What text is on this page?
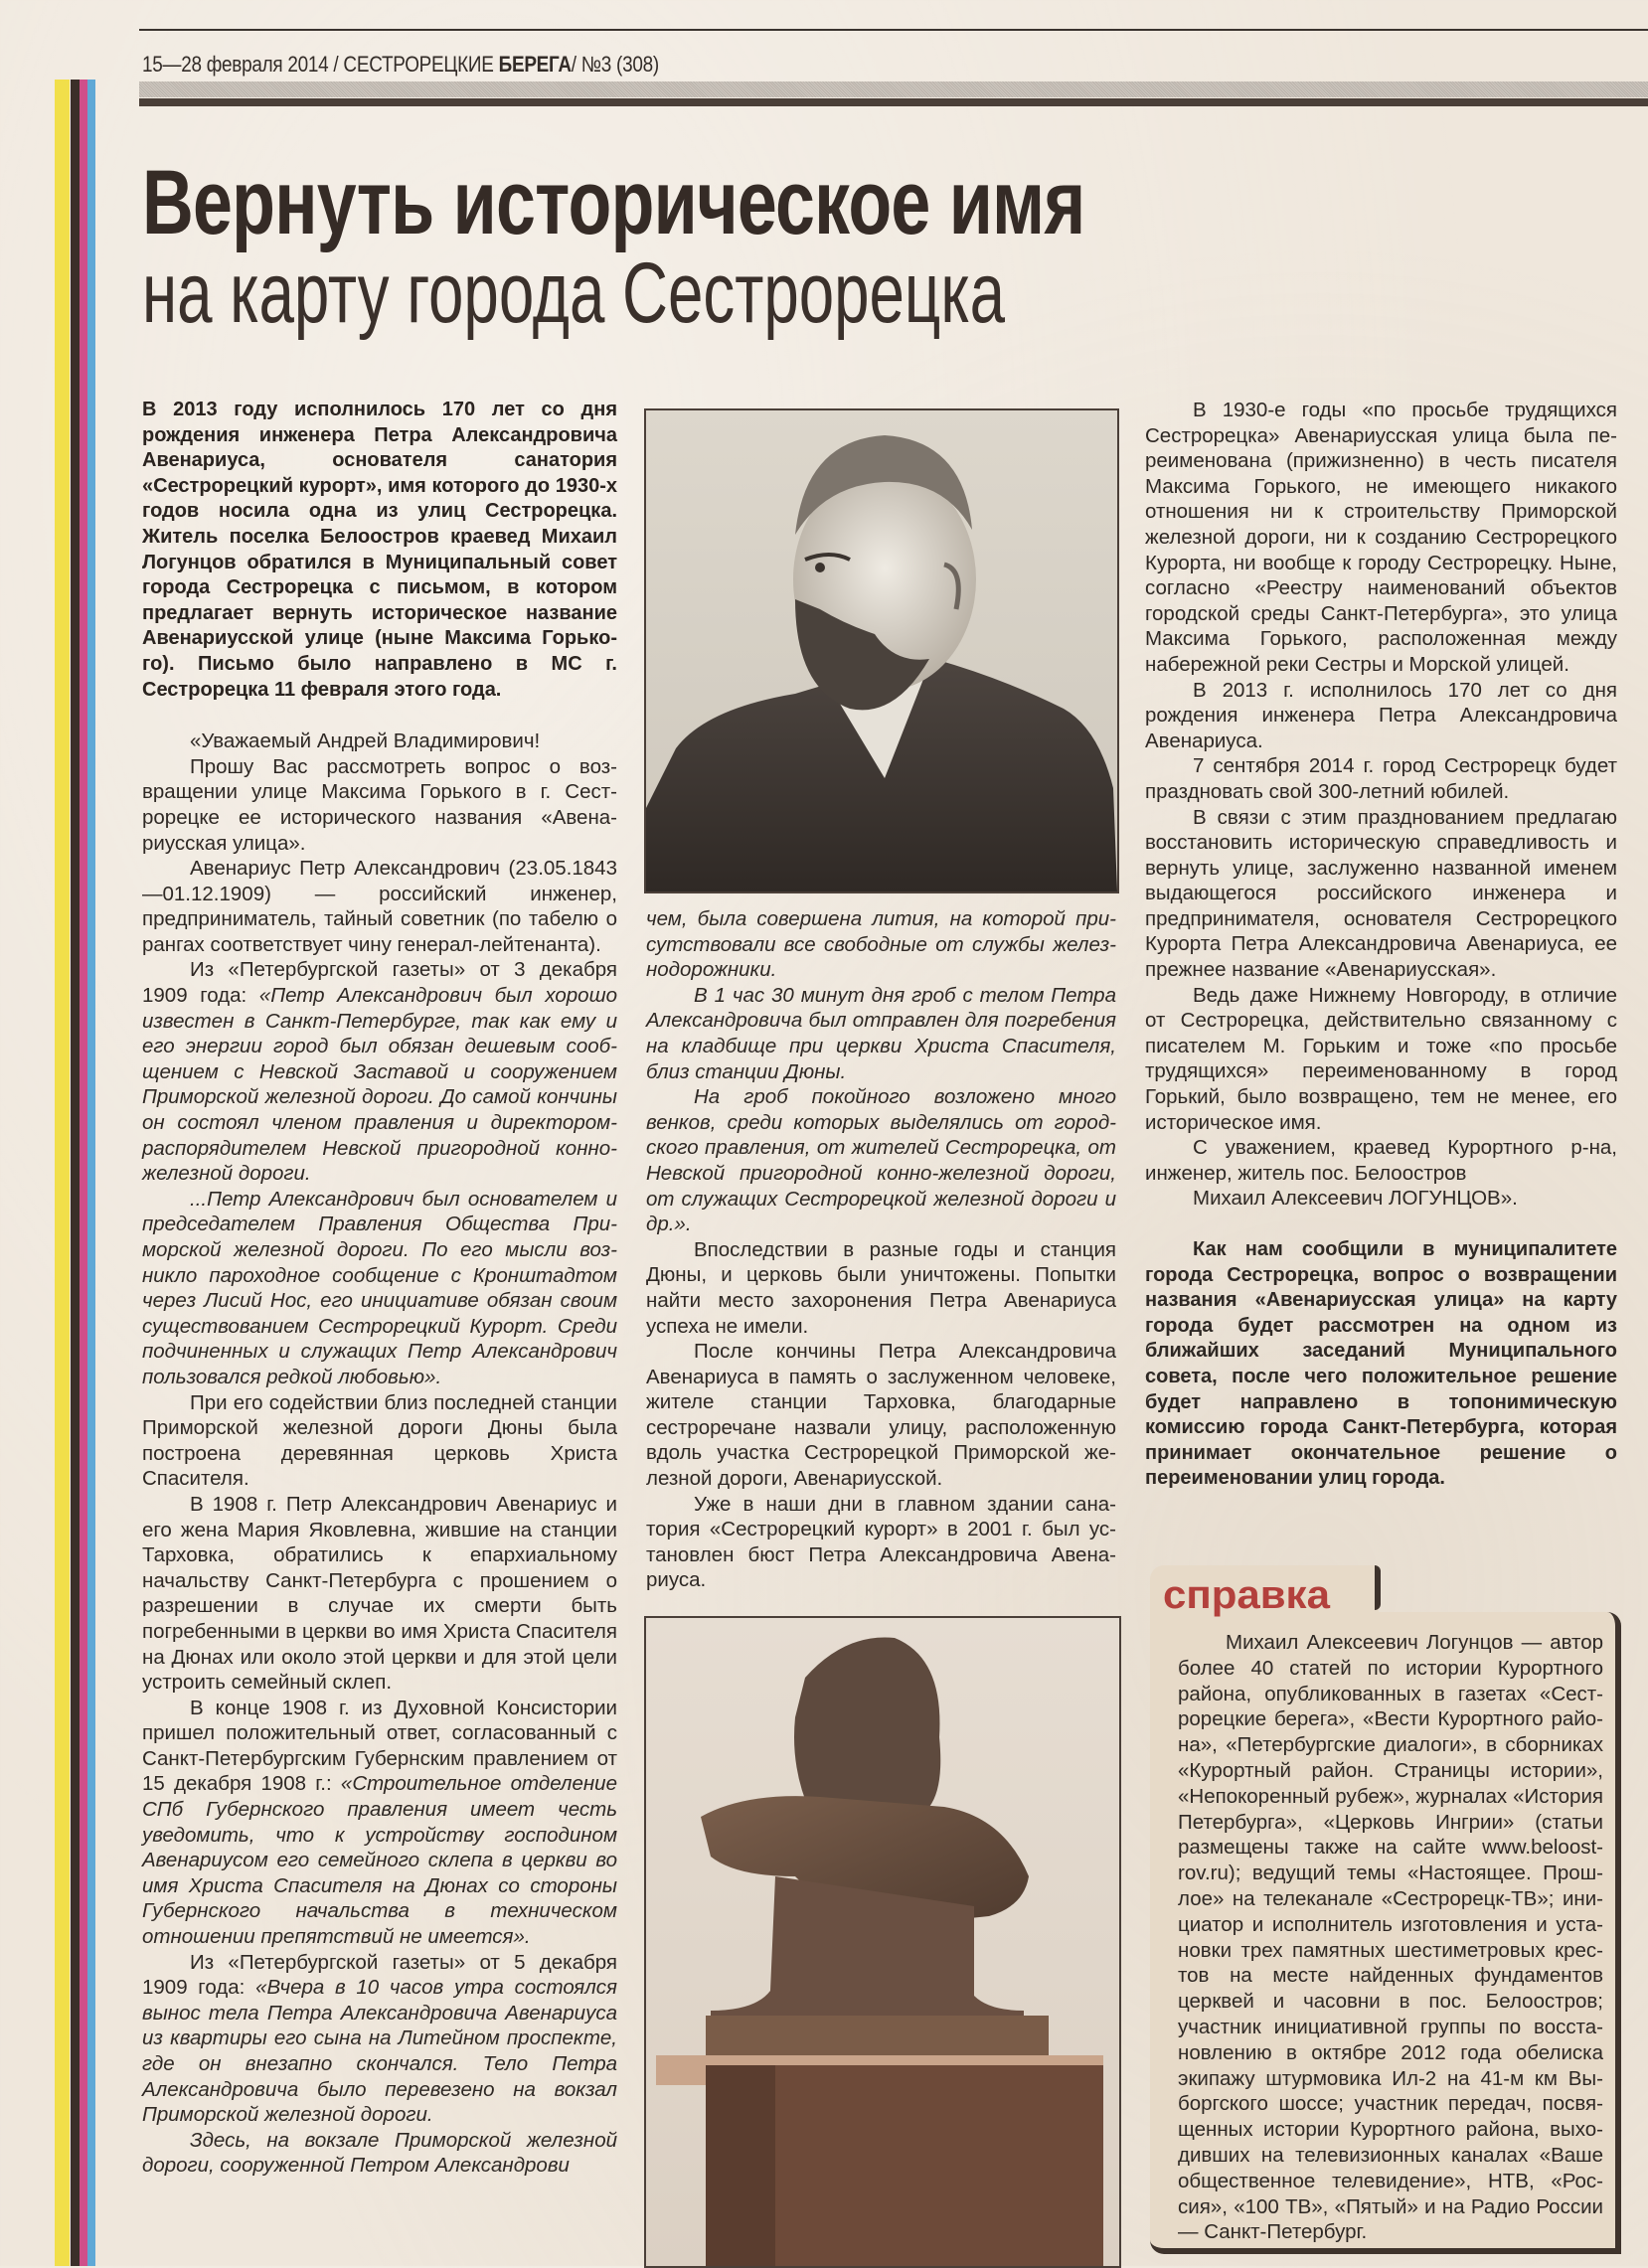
15—28 февраля 2014 / СЕСТРОРЕЦКИЕ БЕРЕГА/ №3 (308)
Вернуть историческое имя
на карту города Сестрорецка

В 2013 году исполнилось 170 лет со дня рождения инженера Петра Александровича Авенариуса, основателя санатория «Сестрорецкий курорт», имя которого до 1930-х годов носила одна из улиц Сестрорецка. Житель поселка Белоостров краевед Михаил Логунцов обратился в Муниципальный совет города Сестрорецка с письмом, в котором предлагает вернуть историческое название Авенариусской улице (ныне Максима Горького). Письмо было направлено в МС г. Сестрорецка 11 февраля этого года.

«Уважаемый Андрей Владимирович!

Прошу Вас рассмотреть вопрос о возвращении улице Максима Горького в г. Сестрорецке ее исторического названия «Авенариусская улица».

Авенариус Петр Александрович (23.05.1843—01.12.1909) — российский инженер, предприниматель, тайный советник (по табелю о рангах соответствует чину генерал-лейтенанта).

Из «Петербургской газеты» от 3 декабря 1909 года: «Петр Александрович был хорошо известен в Санкт-Петербурге, так как ему и его энергии город был обязан дешевым сообщением с Невской Заставой и сооружением Приморской железной дороги. До самой кончины он состоял членом правления и директором-распорядителем Невской пригородной конно-железной дороги.

...Петр Александрович был основателем и председателем Правления Общества Приморской железной дороги. По его мысли возникло пароходное сообщение с Кронштадтом через Лисий Нос, его инициативе обязан своим существованием Сестрорецкий Курорт. Среди подчиненных и служащих Петр Александрович пользовался редкой любовью».

При его содействии близ последней станции Приморской железной дороги Дюны была построена деревянная церковь Христа Спасителя.

В 1908 г. Петр Александрович Авенариус и его жена Мария Яковлевна, жившие на станции Тарховка, обратились к епархиальному начальству Санкт-Петербурга с прошением о разрешении в случае их смерти быть погребенными в церкви во имя Христа Спасителя на Дюнах или около этой церкви и для этой цели устроить семейный склеп.

В конце 1908 г. из Духовной Консистории пришел положительный ответ, согласованный с Санкт-Петербургским Губернским правлением от 15 декабря 1908 г.: «Строительное отделение СПб Губернского правления имеет честь уведомить, что к устройству господином Авенариусом его семейного склепа в церкви во имя Христа Спасителя на Дюнах со стороны Губернского начальства в техническом отношении препятствий не имеется».

Из «Петербургской газеты» от 5 декабря 1909 года: «Вчера в 10 часов утра состоялся вынос тела Петра Александровича Авенариуса из квартиры его сына на Литейном проспекте, где он внезапно скончался. Тело Петра Александровича было перевезено на вокзал Приморской железной дороги.

Здесь, на вокзале Приморской железной дороги, сооруженной Петром Александрови

чем, была совершена лития, на которой присутствовали все свободные от службы железнодорожники.

В 1 час 30 минут дня гроб с телом Петра Александровича был отправлен для погребения на кладбище при церкви Христа Спасителя, близ станции Дюны.

На гроб покойного возложено много венков, среди которых выделялись от городского правления, от жителей Сестрорецка, от Невской пригородной конно-железной дороги, от служащих Сестрорецкой железной дороги и др.».

Впоследствии в разные годы и станция Дюны, и церковь были уничтожены. Попытки найти место захоронения Петра Авенариуса успеха не имели.

После кончины Петра Александровича Авенариуса в память о заслуженном человеке, жителе станции Тарховка, благодарные сестроречане назвали улицу, расположенную вдоль участка Сестрорецкой Приморской железной дороги, Авенариусской.

Уже в наши дни в главном здании санатория «Сестрорецкий курорт» в 2001 г. был установлен бюст Петра Александровича Авенариуса.

В 1930-е годы «по просьбе трудящихся Сестрорецка» Авенариусская улица была переименована (прижизненно) в честь писателя Максима Горького, не имеющего никакого отношения ни к строительству Приморской железной дороги, ни к созданию Сестрорецкого Курорта, ни вообще к городу Сестрорецку. Ныне, согласно «Реестру наименований объектов городской среды Санкт-Петербурга», это улица Максима Горького, расположенная между набережной реки Сестры и Морской улицей.

В 2013 г. исполнилось 170 лет со дня рождения инженера Петра Александровича Авенариуса.

7 сентября 2014 г. город Сестрорецк будет праздновать свой 300-летний юбилей.

В связи с этим празднованием предлагаю восстановить историческую справедливость и вернуть улице, заслуженно названной именем выдающегося российского инженера и предпринимателя, основателя Сестрорецкого Курорта Петра Александровича Авенариуса, ее прежнее название «Авенариусская».

Ведь даже Нижнему Новгороду, в отличие от Сестрорецка, действительно связанному с писателем М. Горьким и тоже «по просьбе трудящихся» переименованному в город Горький, было возвращено, тем не менее, его историческое имя.

С уважением, краевед Курортного р-на, инженер, житель пос. Белоостров

Михаил Алексеевич ЛОГУНЦОВ».

Как нам сообщили в муниципалитете города Сестрорецка, вопрос о возвращении названия «Авенариусская улица» на карту города будет рассмотрен на одном из ближайших заседаний Муниципального совета, после чего положительное решение будет направлено в топонимическую комиссию города Санкт-Петербурга, которая принимает окончательное решение о переименовании улиц города.

справка

Михаил Алексеевич Логунцов — автор более 40 статей по истории Курортного района, опубликованных в газетах «Сестрорецкие берега», «Вести Курортного района», «Петербургские диалоги», в сборниках «Курортный район. Страницы истории», «Непокоренный рубеж», журналах «История Петербурга», «Церковь Ингрии» (статьи размещены также на сайте www.beloostrov.ru); ведущий темы «Настоящее. Прошлое» на телеканале «Сестрорецк-ТВ»; инициатор и исполнитель изготовления и установки трех памятных шестиметровых крестов на месте найденных фундаментов церквей и часовни в пос. Белоостров; участник инициативной группы по восстановлению в октябре 2012 года обелиска экипажу штурмовика Ил-2 на 41-м км Выборгского шоссе; участник передач, посвященных истории Курортного района, выходивших на телевизионных каналах «Ваше общественное телевидение», НТВ, «Россия», «100 ТВ», «Пятый» и на Радио России — Санкт-Петербург.
